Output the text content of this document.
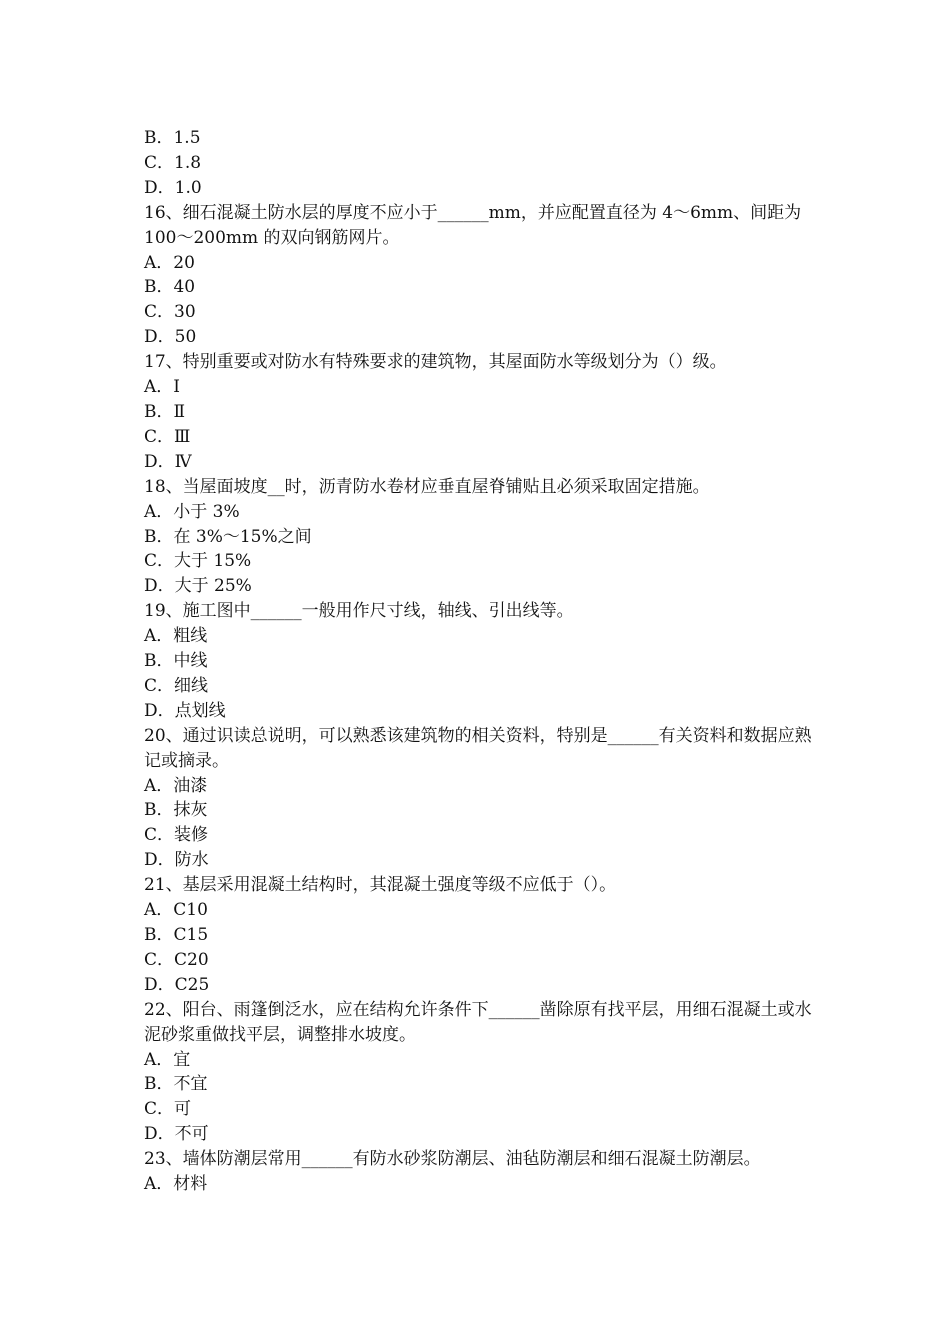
B．1.5

C．1.8

D．1.0

16、细石混凝土防水层的厚度不应小于______mm，并应配置直径为 4～6mm、间距为 100～200mm 的双向钢筋网片。

A．20

B．40

C．30

D．50

17、特别重要或对防水有特殊要求的建筑物，其屋面防水等级划分为（）级。

A．Ⅰ

B．Ⅱ

C．Ⅲ

D．Ⅳ

18、当屋面坡度__时，沥青防水卷材应垂直屋脊铺贴且必须采取固定措施。

A．小于 3%

B．在 3%～15%之间

C．大于 15%

D．大于 25%

19、施工图中______一般用作尺寸线，轴线、引出线等。

A．粗线

B．中线

C．细线

D．点划线

20、通过识读总说明，可以熟悉该建筑物的相关资料，特别是______有关资料和数据应熟记或摘录。

A．油漆

B．抹灰

C．装修

D．防水

21、基层采用混凝土结构时，其混凝土强度等级不应低于（）。

A．C10

B．C15

C．C20

D．C25

22、阳台、雨篷倒泛水，应在结构允许条件下______凿除原有找平层，用细石混凝土或水泥砂浆重做找平层，调整排水坡度。

A．宜

B．不宜

C．可

D．不可

23、墙体防潮层常用______有防水砂浆防潮层、油毡防潮层和细石混凝土防潮层。

A．材料
